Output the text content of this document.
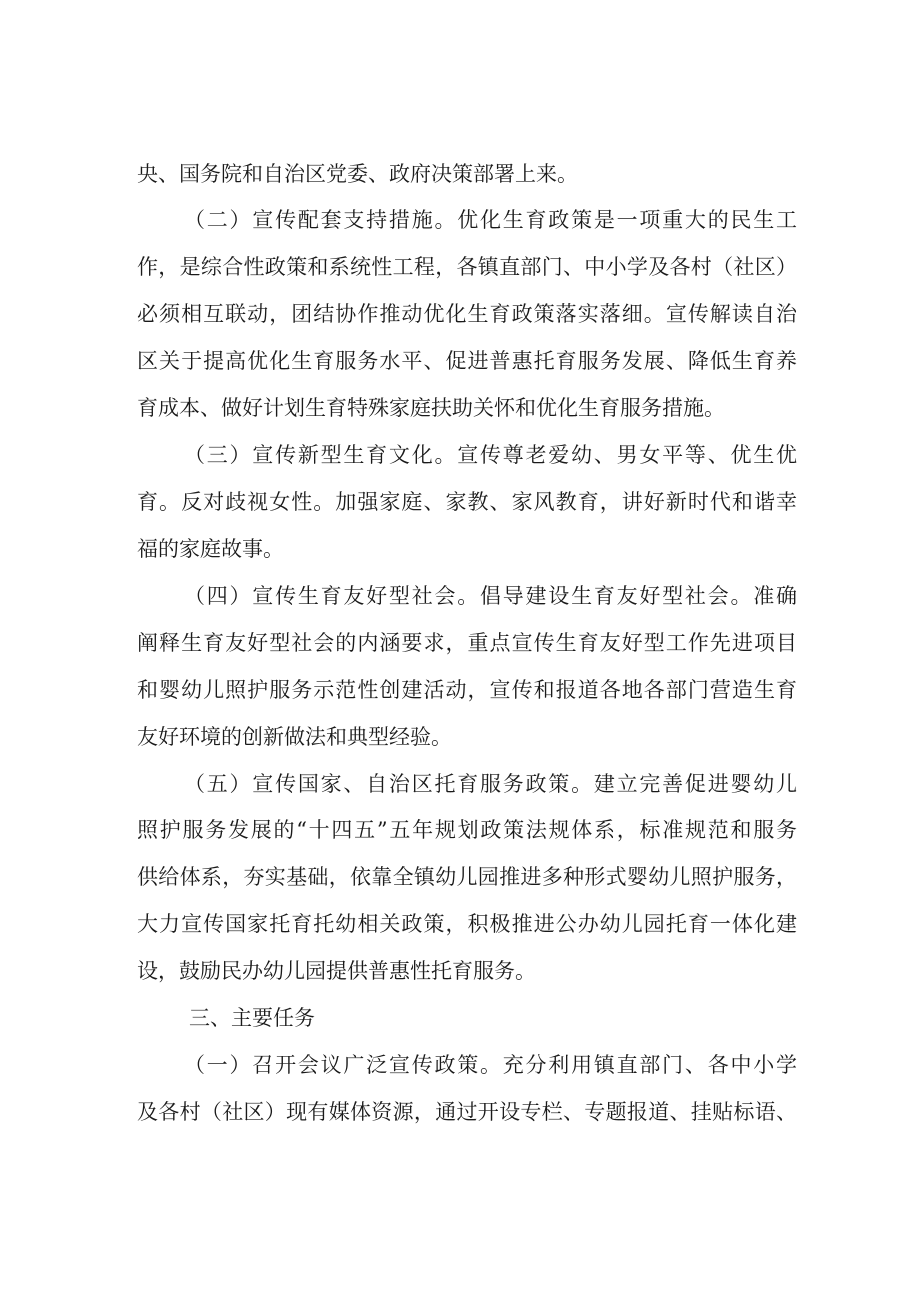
央、国务院和自治区党委、政府决策部署上来。
（二）宣传配套支持措施。优化生育政策是一项重大的民生工
作，是综合性政策和系统性工程，各镇直部门、中小学及各村（社区）
必须相互联动，团结协作推动优化生育政策落实落细。宣传解读自治
区关于提高优化生育服务水平、促进普惠托育服务发展、降低生育养
育成本、做好计划生育特殊家庭扶助关怀和优化生育服务措施。
（三）宣传新型生育文化。宣传尊老爱幼、男女平等、优生优
育。反对歧视女性。加强家庭、家教、家风教育，讲好新时代和谐幸
福的家庭故事。
（四）宣传生育友好型社会。倡导建设生育友好型社会。准确
阐释生育友好型社会的内涵要求，重点宣传生育友好型工作先进项目
和婴幼儿照护服务示范性创建活动，宣传和报道各地各部门营造生育
友好环境的创新做法和典型经验。
（五）宣传国家、自治区托育服务政策。建立完善促进婴幼儿
照护服务发展的“十四五”五年规划政策法规体系，标准规范和服务
供给体系，夯实基础，依靠全镇幼儿园推进多种形式婴幼儿照护服务，
大力宣传国家托育托幼相关政策，积极推进公办幼儿园托育一体化建
设，鼓励民办幼儿园提供普惠性托育服务。
三、主要任务
（一）召开会议广泛宣传政策。充分利用镇直部门、各中小学
及各村（社区）现有媒体资源，通过开设专栏、专题报道、挂贴标语、
